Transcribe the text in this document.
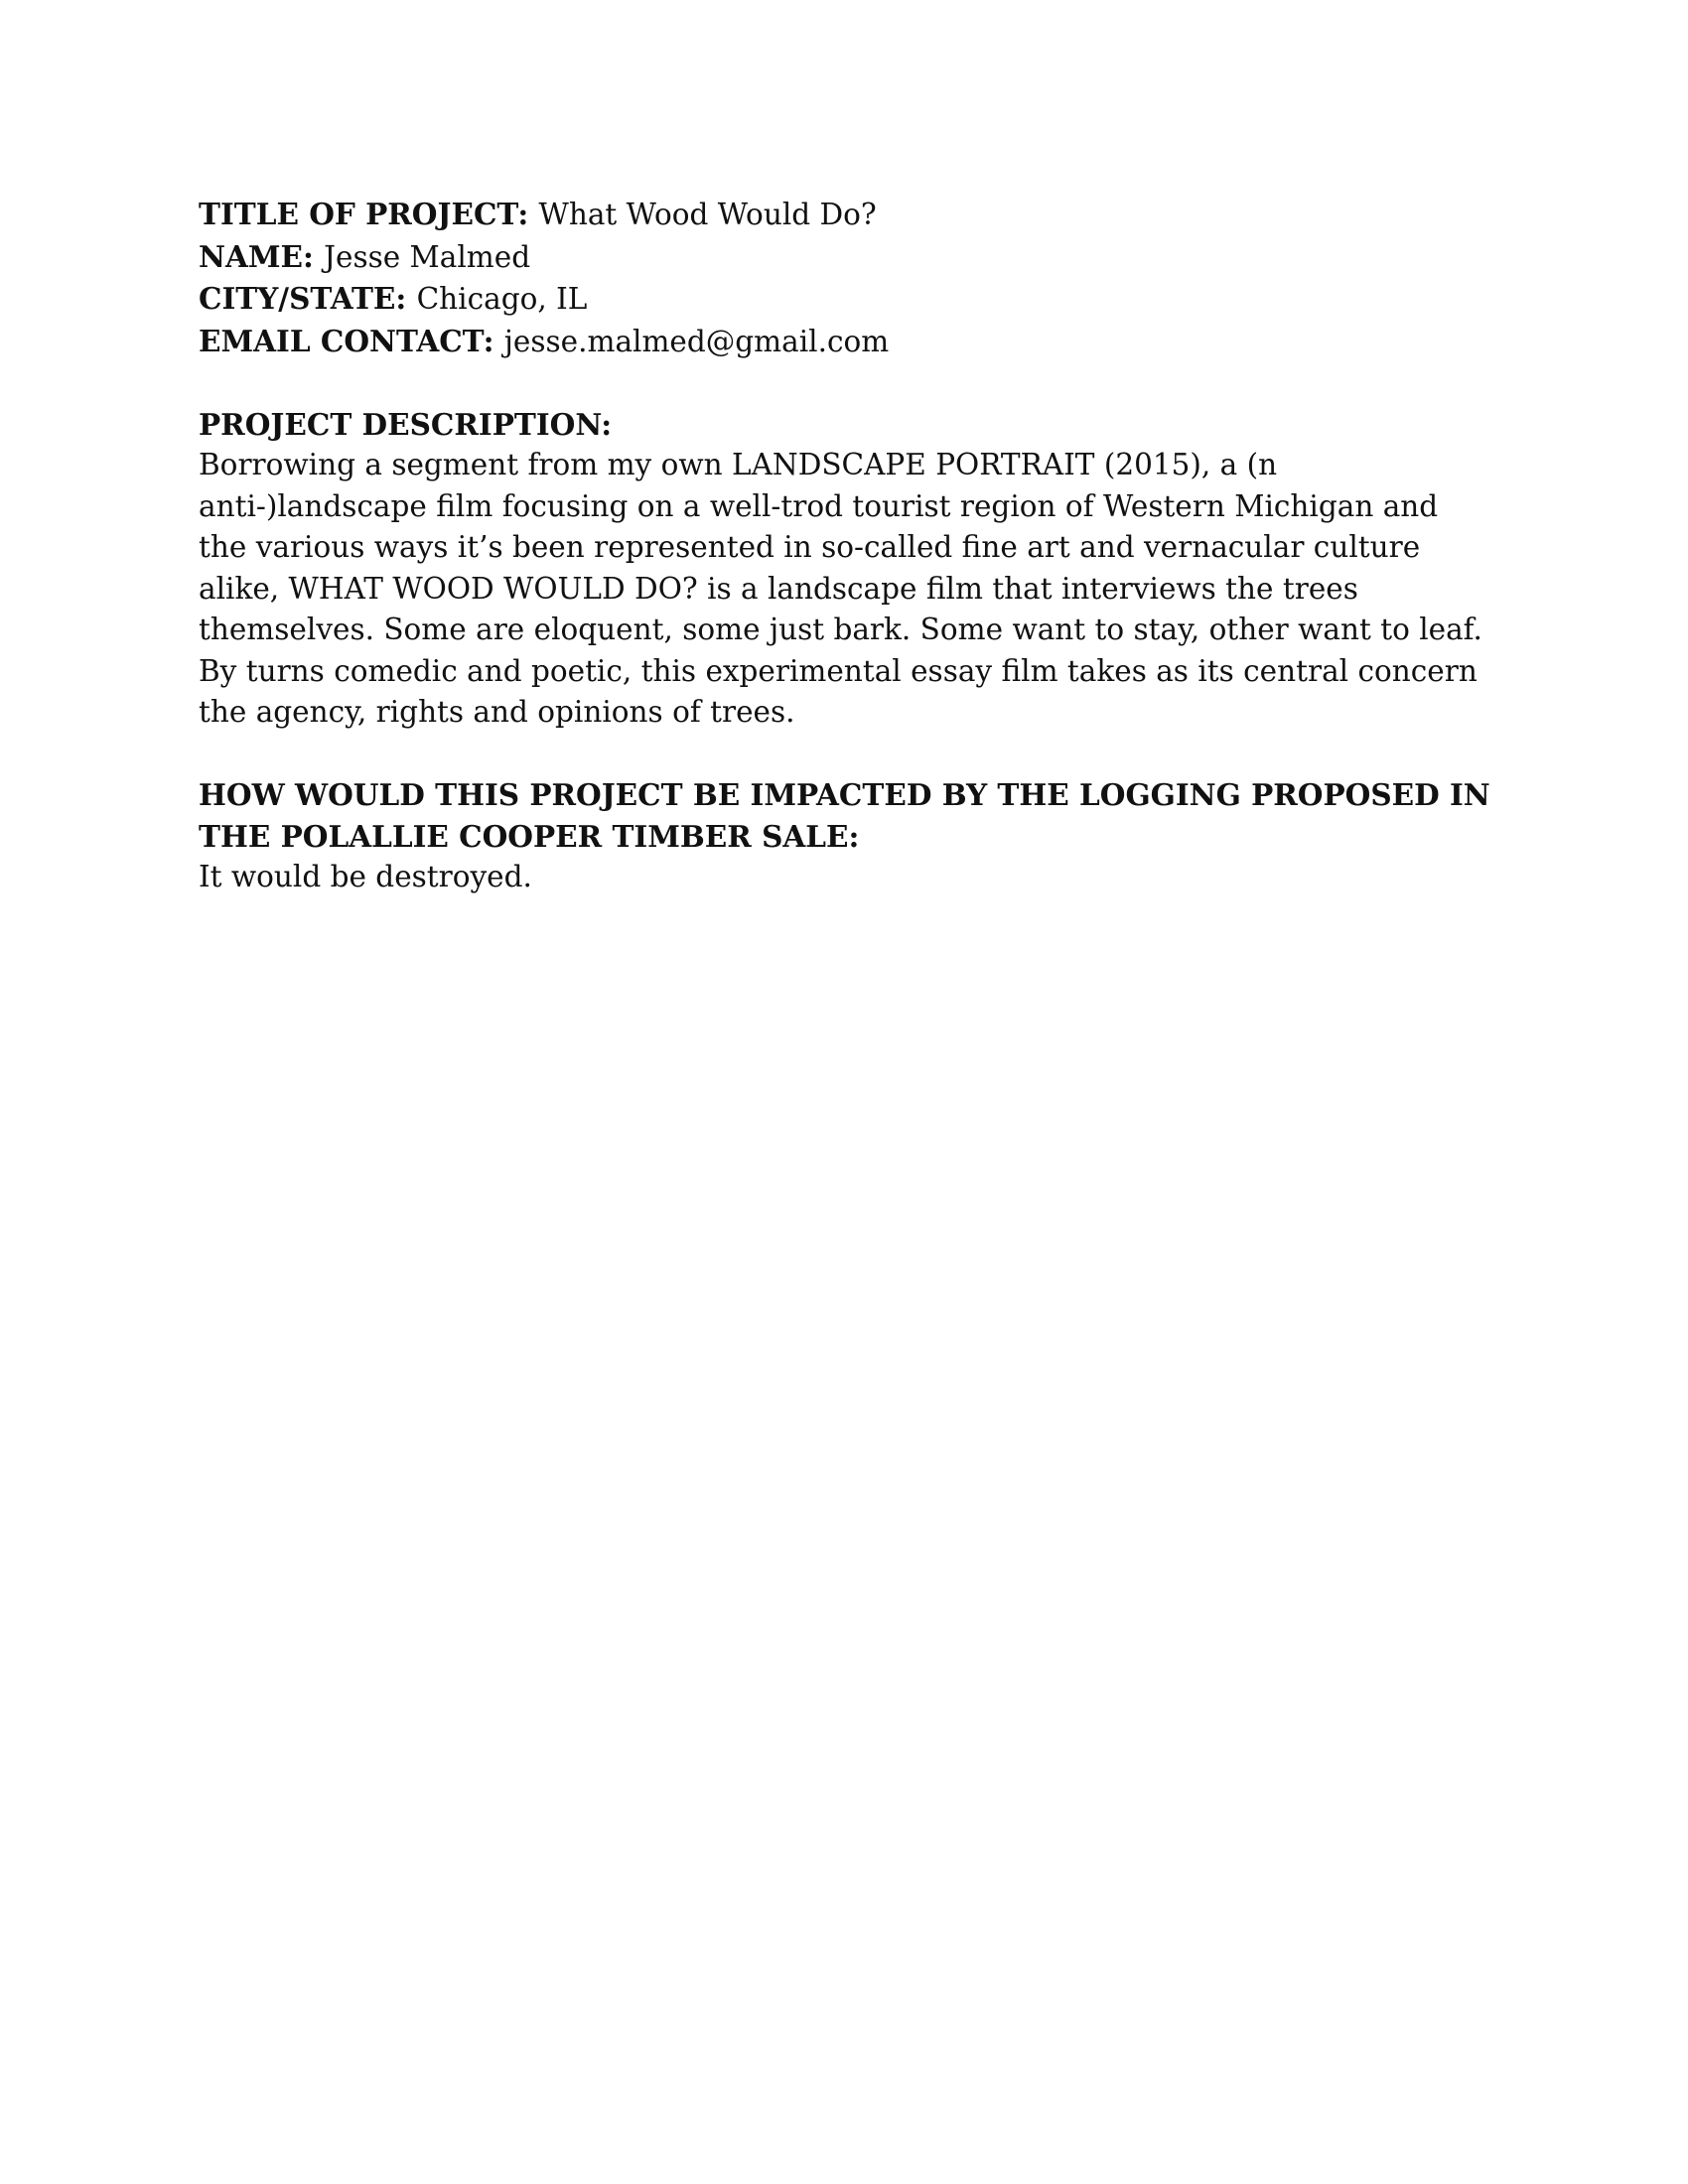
TITLE OF PROJECT: What Wood Would Do?
NAME: Jesse Malmed
CITY/STATE: Chicago, IL
EMAIL CONTACT: jesse.malmed@gmail.com
PROJECT DESCRIPTION:
Borrowing a segment from my own LANDSCAPE PORTRAIT (2015), a (n
anti-)landscape film focusing on a well-trod tourist region of Western Michigan and
the various ways it’s been represented in so-called fine art and vernacular culture
alike, WHAT WOOD WOULD DO? is a landscape film that interviews the trees
themselves. Some are eloquent, some just bark. Some want to stay, other want to leaf.
By turns comedic and poetic, this experimental essay film takes as its central concern
the agency, rights and opinions of trees.
HOW WOULD THIS PROJECT BE IMPACTED BY THE LOGGING PROPOSED IN
THE POLALLIE COOPER TIMBER SALE:
It would be destroyed.
